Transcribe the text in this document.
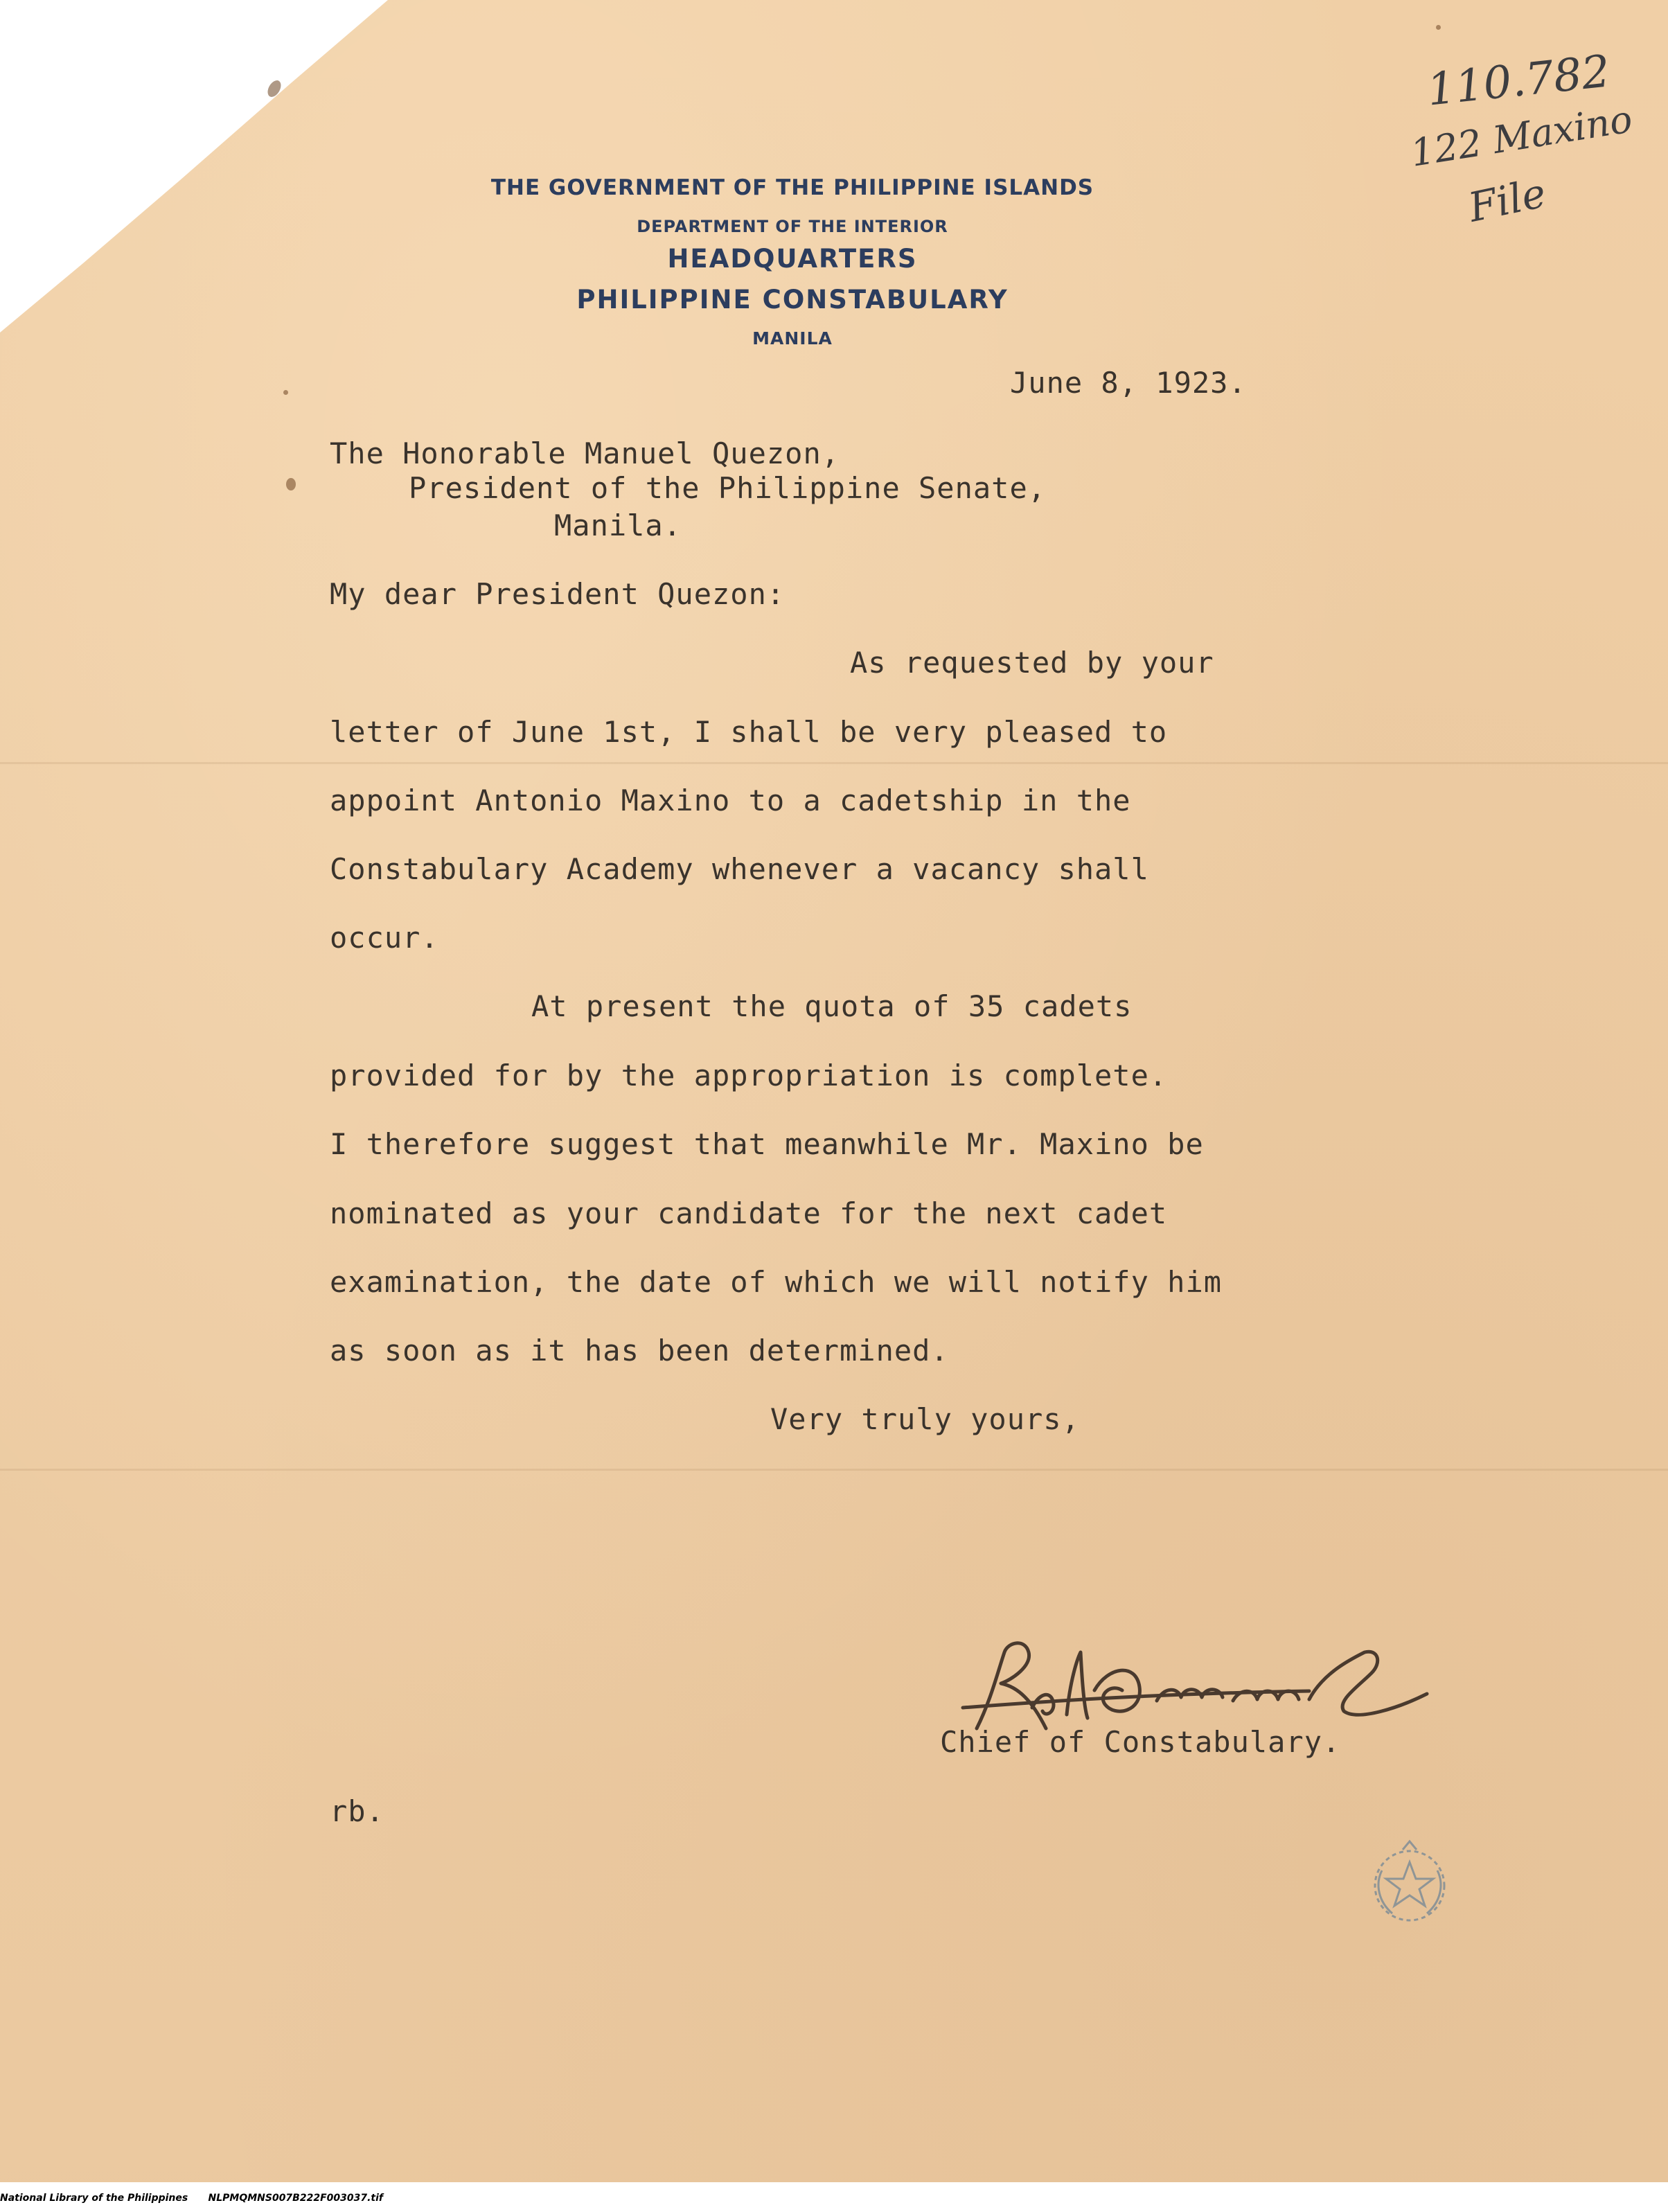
THE GOVERNMENT OF THE PHILIPPINE ISLANDS
DEPARTMENT OF THE INTERIOR
HEADQUARTERS
PHILIPPINE CONSTABULARY
MANILA
110.782
122 Maxino
File
June 8, 1923.
The Honorable Manuel Quezon,
President of the Philippine Senate,
Manila.
My dear President Quezon:
As requested by your
letter of June 1st, I shall be very pleased to
appoint Antonio Maxino to a cadetship in the
Constabulary Academy whenever a vacancy shall
occur.
At present the quota of 35 cadets
provided for by the appropriation is complete.
I therefore suggest that meanwhile Mr. Maxino be
nominated as your candidate for the next cadet
examination, the date of which we will notify him
as soon as it has been determined.
Very truly yours,
Chief of Constabulary.
rb.
National Library of the Philippines NLPMQMNS007B222F003037.tif
